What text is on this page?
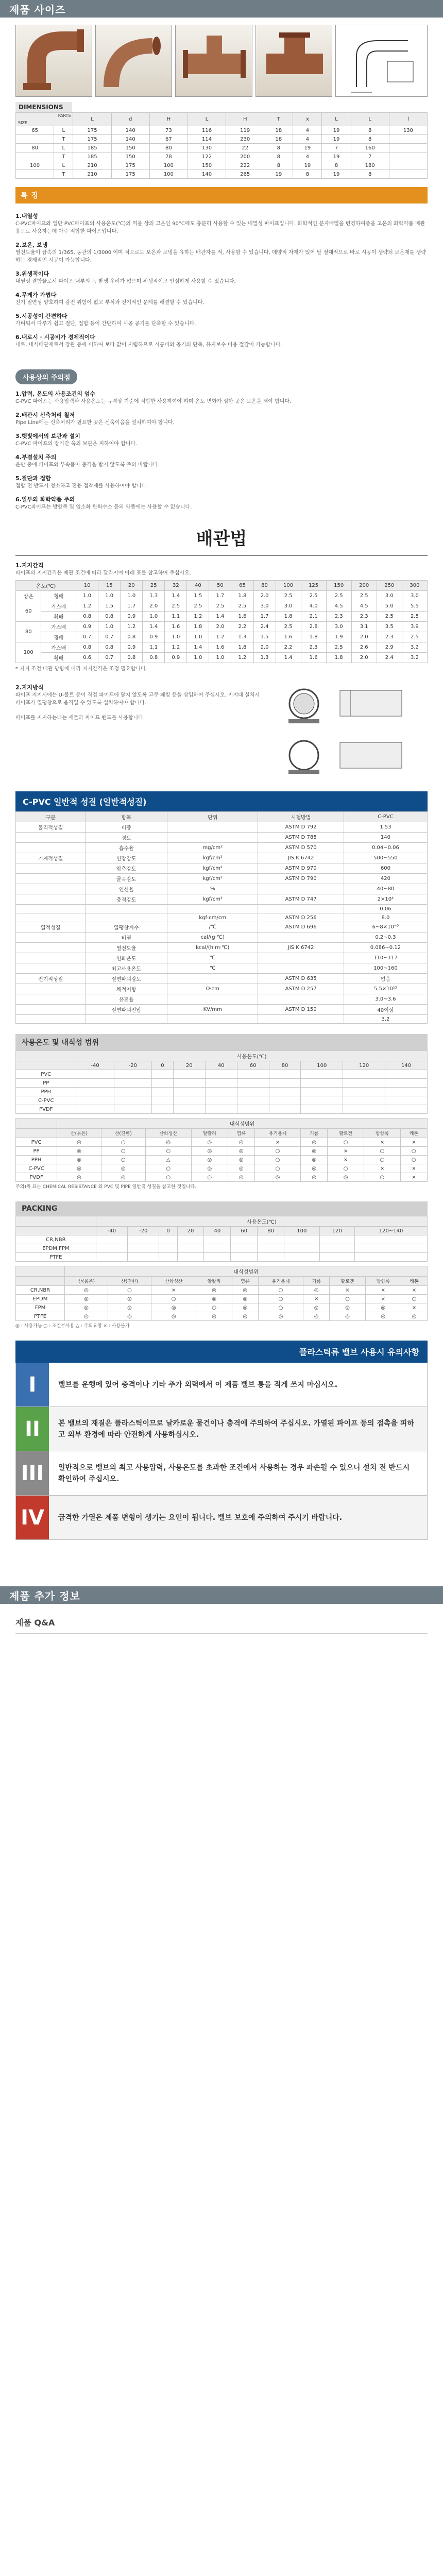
제품 사이즈
DIMENSIONS
PARTS
SIZE		L	d	H	L	H	T	x	L	L	l
65	L	175	140	73	116	119	18	4	19	8	130
	T	175	140	67	114	230	18	4	19	8	
80	L	185	150	80	130	22	8	19	7	160	
	T	185	150	78	122	200	8	4	19	7	
100	L	210	175	100	150	222	8	19	8	180	
	T	210	175	100	140	265	19	8	19	8	
특 징
1.내열성
C-PVC파이프와 일반 PVC파이프의 사용온도(℃)의 역을 상의 고온인 90°C에도 충분히 사용할 수 있는 내열성 파이프입니다. 화학적인 분자배열을 변경하여줌을 고온의 화학약품 배관용으로 사용하는데 아주 적합한 파이프입니다.
2.보온, 보냉
열전도율이 금속의 1/365, 동관의 1/3000 이며 적으로도 보온과 보냉을 유하는 배관자를 적, 사용할 수 있습니다. 데양적 자재가 있어 말 절대적으로 바로 시공이 생략되 보온재를 생략하는 경제적인 시공이 가능합니다.
3.위생적이다
내열성 결함물로서 파이프 내부의 녹 발생 우려가 없으며 위생적이고 안심하게 사용할 수 있습니다.
4.무게가 가볍다
전기 절연성 양호하여 감전 위험이 없고 부식과 전기적인 문제를 해결할 수 있습니다.
5.시공성이 간편하다
가벼워서 다루기 쉽고 절단, 접합 등이 간단하여 시공 공기를 단축할 수 있습니다.
6.내로시 · 시공비가 경제적이다
내로, 내식배관재로서 강관 등에 비하여 보다 값이 저렴하므로 시공비와 공기의 단축, 유지보수 비용 절감이 가능합니다.
사용상의 주의점
1.압력, 온도의 사용조건의 엄수
C-PVC 파이프는 사용압력과 사용온도는 규격상 기준에 적합한 사용하여야 하며 온도 변화가 심한 곳은 보온을 해야 합니다.
2.배관시 신축처리 철저
Pipe Line에는 신축처리가 필요한 곳은 신축이음을 설치하여야 합니다.
3.햇빛에서의 보관과 설치
C-PVC 파이프의 장기간 옥외 보관은 피하여야 합니다.
4.부결설치 주의
운반 중에 파이프와 부속품이 충격을 받지 않도록 주의 바랍니다.
5.절단과 접합
접합 전 반드시 청소하고 전용 접착제를 사용하여야 합니다.
6.일부의 화학약품 주의
C-PVC파이프는 방향족 및 염소화 탄화수소 등의 약품에는 사용할 수 없습니다.
배관법
1.지지간격
파이프의 지지간격은 배관 조건에 따라 달라지며 아래 표를 참고하여 주십시오.
온도(℃)		10	15	20	25	32	40	50	65	80	100	125	150	200	250	300
상온	횡배	1.0	1.0	1.0	1.3	1.4	1.5	1.7	1.8	2.0	2.5	2.5	2.5	2.5	3.0	3.0
60	가스배	1.2	1.5	1.7	2.0	2.5	2.5	2.5	2.5	3.0	3.0	4.0	4.5	4.5	5.0	5.5
	횡배	0.8	0.8	0.9	1.0	1.1	1.2	1.4	1.6	1.7	1.8	2.1	2.3	2.3	2.5	2.5
80	가스배	0.9	1.0	1.2	1.4	1.6	1.8	2.0	2.2	2.4	2.5	2.8	3.0	3.1	3.5	3.9
	횡배	0.7	0.7	0.8	0.9	1.0	1.0	1.2	1.3	1.5	1.6	1.8	1.9	2.0	2.3	2.5
100	가스배	0.8	0.8	0.9	1.1	1.2	1.4	1.6	1.8	2.0	2.2	2.3	2.5	2.6	2.9	3.2
	횡배	0.6	0.7	0.8	0.8	0.9	1.0	1.0	1.2	1.3	1.4	1.6	1.8	2.0	2.4	3.2
* 지지 조건 배관 방향에 따라 지지간격은 조정 필요합니다.
2.지지방식
파이프 지지시에는 U-볼트 등이 직접 파이프에 닿지 않도록 고무 패킹 등을 삽입하여 주십시오. 지지대 설치시 파이프가 열팽창으로 움직일 수 있도록 설치하여야 합니다.
파이프를 지지하는데는 새들과 파이프 밴드를 사용합니다.
C-PVC 일반적 성질 (일반적성질)
구분	항목	단위	시험방법	C-PVC
물리적성질	비중		ASTM D 792	1.53
	경도		ASTM D 785	140
	흡수율	mg/cm²	ASTM D 570	0.04~0.06
기계적성질	인장강도	kgf/cm²	JIS K 6742	500~550
	압축강도	kgf/cm²	ASTM D 970	600
	굴곡강도	kgf/cm²	ASTM D 790	420
	연신율	%		40~80
	충격강도	kgf/cm²	ASTM D 747	2×10⁴
				0.06
		kgf·cm/cm	ASTM D 256	8.0
열적성질	열팽창계수	/℃	ASTM D 696	6~8×10⁻⁵
	비열	cal/(g·℃)		0.2~0.3
	열전도율	kcal/(h·m·℃)	JIS K 6742	0.086~0.12
	연화온도	℃		110~117
	최고사용온도	℃		100~160
전기적성질	절연파괴강도		ASTM D 635	없음
	체적저항	Ω·cm	ASTM D 257	5.5×10¹⁵
	유전율			3.0~3.6
	절연파괴전압	KV/mm	ASTM D 150	40이상
				3.2
사용온도 및 내식성 범위
	사용온도(℃)									
	-40	-20	0	20	40	60	80	100	120	140
PVC										
PP										
PPH										
C-PVC										
PVDF										
	내식성범위									
	산(묽은)	산(진한)	산화성산	알칼리	염류	유기용제	기름	할로겐	방향족	케톤
PVC	◎	○	◎	◎	◎	×	◎	○	×	×
PP	◎	○	○	◎	◎	○	◎	×	○	○
PPH	◎	○	△	◎	◎	○	◎	×	○	○
C-PVC	◎	◎	○	◎	◎	○	◎	○	×	×
PVDF	◎	◎	○	○	◎	◎	◎	◎	○	×
주의)위 표는 CHEMICAL RESISTANCE 와 PVC 및 PIPE 일반적 성질을 참고한 것입니다.
PACKING
	사용온도(℃)									
	-40	-20	0	20	40	60	80	100	120	120~140
CR,NBR										
EPDM,FPM										
PTFE										
	내식성범위									
	산(묽은)	산(진한)	산화성산	알칼리	염류	유기용제	기름	할로겐	방향족	케톤
CR,NBR	◎	○	×	◎	◎	○	◎	×	×	×
EPDM	◎	◎	○	◎	◎	○	×	○	×	○
FPM	◎	◎	◎	○	◎	○	◎	◎	◎	×
PTFE	◎	◎	◎	◎	◎	◎	◎	◎	◎	◎
◎ : 사용가능 ○ : 조건부사용 △ : 주의요망 × : 사용불가
플라스틱류 밸브 사용시 유의사항
I	밸브를 운행에 있어 충격이나 기타 추가 외력에서 이 제품 밸브 통을 적게 쓰지 마십시오.
II	본 밸브의 재질은 플라스틱이므로 날카로운 물건이나 충격에 주의하여 주십시오. 가열된 파이프 등의 접촉을 피하고 외부 환경에 따라 안전하게 사용하십시오.
III	일반적으로 밸브의 최고 사용압력, 사용온도를 초과한 조건에서 사용하는 경우 파손될 수 있으니 설치 전 반드시 확인하여 주십시오.
IV	급격한 가열은 제품 변형이 생기는 요인이 됩니다. 밸브 보호에 주의하여 주시기 바랍니다.
제품 추가 정보
제품 Q&A
